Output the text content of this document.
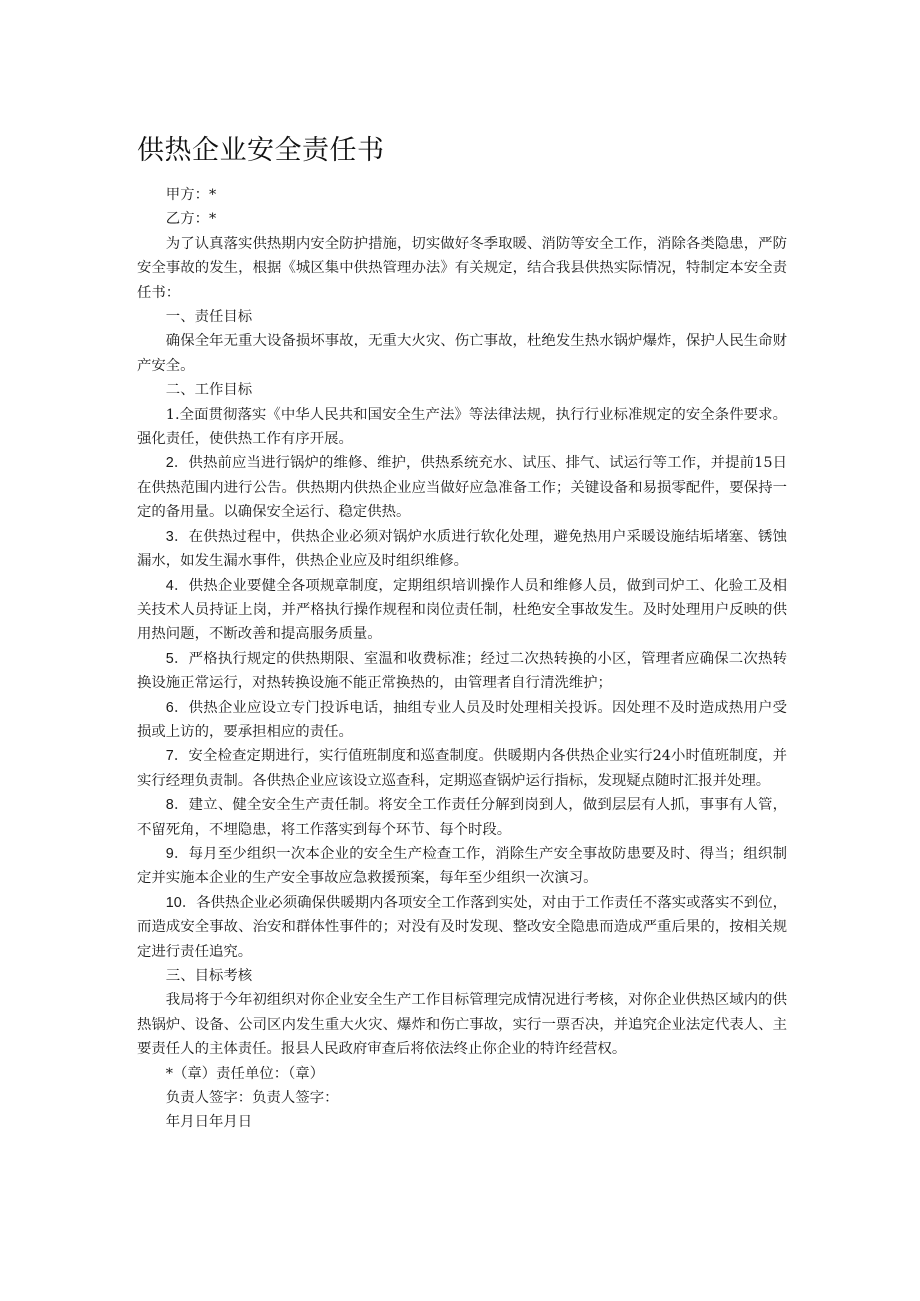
供热企业安全责任书

甲方：*

乙方：*

为了认真落实供热期内安全防护措施，切实做好冬季取暖、消防等安全工作，消除各类隐患，严防安全事故的发生，根据《城区集中供热管理办法》有关规定，结合我县供热实际情况，特制定本安全责任书：

一、责任目标

确保全年无重大设备损坏事故，无重大火灾、伤亡事故，杜绝发生热水锅炉爆炸，保护人民生命财产安全。

二、工作目标

1.全面贯彻落实《中华人民共和国安全生产法》等法律法规，执行行业标准规定的安全条件要求。强化责任，使供热工作有序开展。

2．供热前应当进行锅炉的维修、维护，供热系统充水、试压、排气、试运行等工作，并提前15日在供热范围内进行公告。供热期内供热企业应当做好应急准备工作；关键设备和易损零配件，要保持一定的备用量。以确保安全运行、稳定供热。

3．在供热过程中，供热企业必须对锅炉水质进行软化处理，避免热用户采暖设施结垢堵塞、锈蚀漏水，如发生漏水事件，供热企业应及时组织维修。

4．供热企业要健全各项规章制度，定期组织培训操作人员和维修人员，做到司炉工、化验工及相关技术人员持证上岗，并严格执行操作规程和岗位责任制，杜绝安全事故发生。及时处理用户反映的供用热问题，不断改善和提高服务质量。

5．严格执行规定的供热期限、室温和收费标准；经过二次热转换的小区，管理者应确保二次热转换设施正常运行，对热转换设施不能正常换热的，由管理者自行清洗维护；

6．供热企业应设立专门投诉电话，抽组专业人员及时处理相关投诉。因处理不及时造成热用户受损或上访的，要承担相应的责任。

7．安全检查定期进行，实行值班制度和巡查制度。供暖期内各供热企业实行24小时值班制度，并实行经理负责制。各供热企业应该设立巡查科，定期巡查锅炉运行指标，发现疑点随时汇报并处理。

8．建立、健全安全生产责任制。将安全工作责任分解到岗到人，做到层层有人抓，事事有人管，不留死角，不埋隐患，将工作落实到每个环节、每个时段。

9．每月至少组织一次本企业的安全生产检查工作，消除生产安全事故防患要及时、得当；组织制定并实施本企业的生产安全事故应急救援预案，每年至少组织一次演习。

10．各供热企业必须确保供暖期内各项安全工作落到实处，对由于工作责任不落实或落实不到位，而造成安全事故、治安和群体性事件的；对没有及时发现、整改安全隐患而造成严重后果的，按相关规定进行责任追究。

三、目标考核

我局将于今年初组织对你企业安全生产工作目标管理完成情况进行考核，对你企业供热区域内的供热锅炉、设备、公司区内发生重大火灾、爆炸和伤亡事故，实行一票否决，并追究企业法定代表人、主要责任人的主体责任。报县人民政府审查后将依法终止你企业的特许经营权。

*（章）责任单位：（章）

负责人签字：负责人签字：

年月日年月日
